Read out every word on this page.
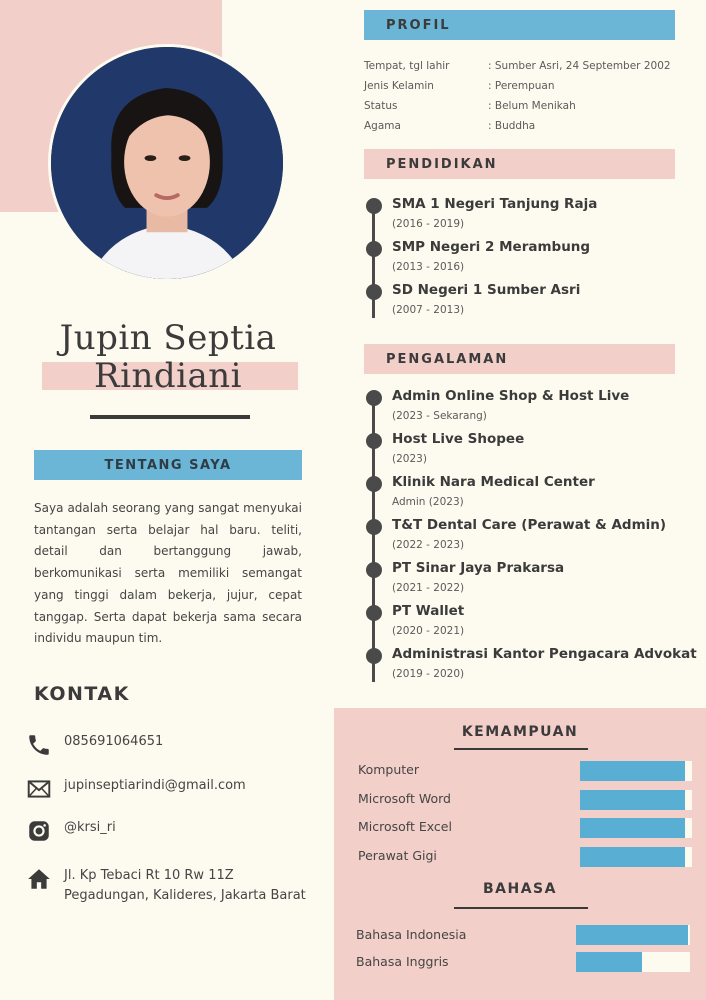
Jupin Septia
Rindiani
TENTANG SAYA
Saya adalah seorang yang sangat menyukai tantangan serta belajar hal baru. teliti, detail dan bertanggung jawab, berkomunikasi serta memiliki semangat yang tinggi dalam bekerja, jujur, cepat tanggap. Serta dapat bekerja sama secara individu maupun tim.
KONTAK
085691064651
jupinseptiarindi@gmail.com
@krsi_ri
Jl. Kp Tebaci Rt 10 Rw 11Z Pegadungan, Kalideres, Jakarta Barat
PROFIL
Tempat, tgl lahir	: Sumber Asri, 24 September 2002
Jenis Kelamin	: Perempuan
Status	: Belum Menikah
Agama	: Buddha
PENDIDIKAN
SMA 1 Negeri Tanjung Raja
(2016 - 2019)
SMP Negeri 2 Merambung
(2013 - 2016)
SD Negeri 1 Sumber Asri
(2007 - 2013)
PENGALAMAN
Admin Online Shop & Host Live
(2023 - Sekarang)
Host Live Shopee
(2023)
Klinik Nara Medical Center
Admin (2023)
T&T Dental Care (Perawat & Admin)
(2022 - 2023)
PT Sinar Jaya Prakarsa
(2021 - 2022)
PT Wallet
(2020 - 2021)
Administrasi Kantor Pengacara Advokat
(2019 - 2020)
KEMAMPUAN
Komputer
Microsoft Word
Microsoft Excel
Perawat Gigi
BAHASA
Bahasa Indonesia
Bahasa Inggris
